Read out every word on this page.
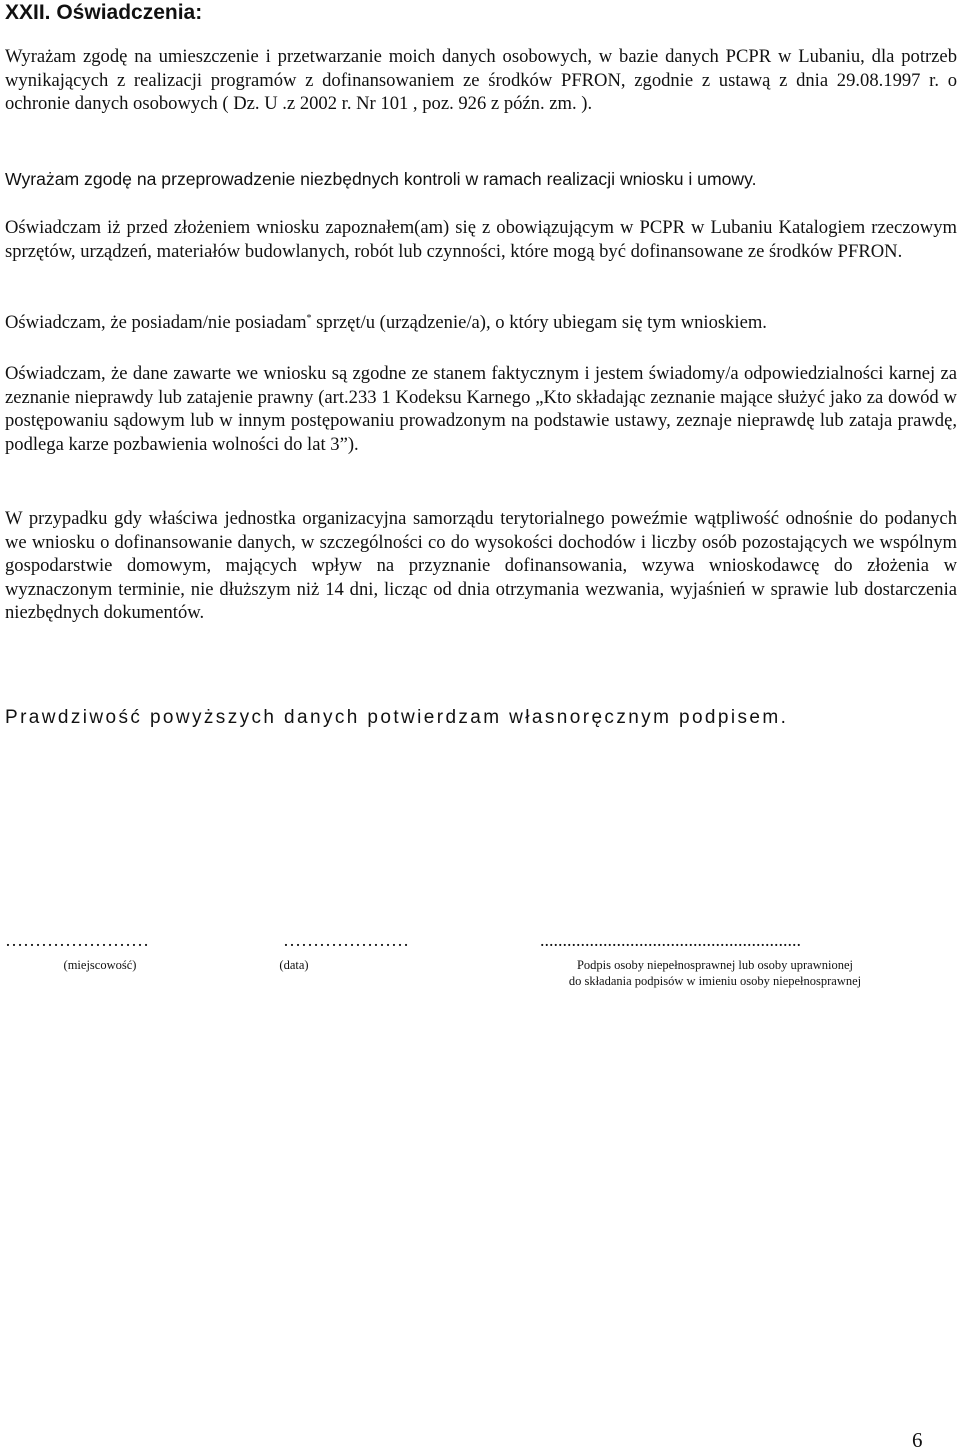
XXII. Oświadczenia:
Wyrażam zgodę na umieszczenie i przetwarzanie moich danych osobowych, w bazie danych PCPR w Lubaniu, dla potrzeb wynikających z realizacji programów z dofinansowaniem ze środków PFRON, zgodnie z ustawą z dnia 29.08.1997 r. o ochronie danych osobowych ( Dz. U .z 2002 r. Nr 101 , poz. 926 z późn. zm. ).
Wyrażam zgodę na przeprowadzenie niezbędnych kontroli w ramach realizacji wniosku i umowy.
Oświadczam iż przed złożeniem wniosku zapoznałem(am) się z obowiązującym w PCPR w Lubaniu Katalogiem rzeczowym sprzętów, urządzeń, materiałów budowlanych, robót lub czynności, które mogą być dofinansowane ze środków PFRON.
Oświadczam, że posiadam/nie posiadam* sprzęt/u (urządzenie/a), o który ubiegam się tym wnioskiem.
Oświadczam, że dane zawarte we wniosku są zgodne ze stanem faktycznym i jestem świadomy/a odpowiedzialności karnej za zeznanie nieprawdy lub zatajenie prawny (art.233 1 Kodeksu Karnego „Kto składając zeznanie mające służyć jako za dowód w postępowaniu sądowym lub w innym postępowaniu prowadzonym na podstawie ustawy, zeznaje nieprawdę lub zataja prawdę, podlega karze pozbawienia wolności do lat 3”).
W przypadku gdy właściwa jednostka organizacyjna samorządu terytorialnego poweźmie wątpliwość odnośnie do podanych we wniosku o dofinansowanie danych, w szczególności co do wysokości dochodów i liczby osób pozostających we wspólnym gospodarstwie domowym, mających wpływ na przyznanie dofinansowania, wzywa wnioskodawcę do złożenia w wyznaczonym terminie, nie dłuższym niż 14 dni, licząc od dnia otrzymania wezwania, wyjaśnień w sprawie lub dostarczenia niezbędnych dokumentów.
Prawdziwość powyższych danych potwierdzam własnoręcznym podpisem.
……………………	…………………	..........................................................
(miejscowość)	(data)	Podpis osoby niepełnosprawnej lub osoby uprawnionej
do składania podpisów w imieniu osoby niepełnosprawnej
6
